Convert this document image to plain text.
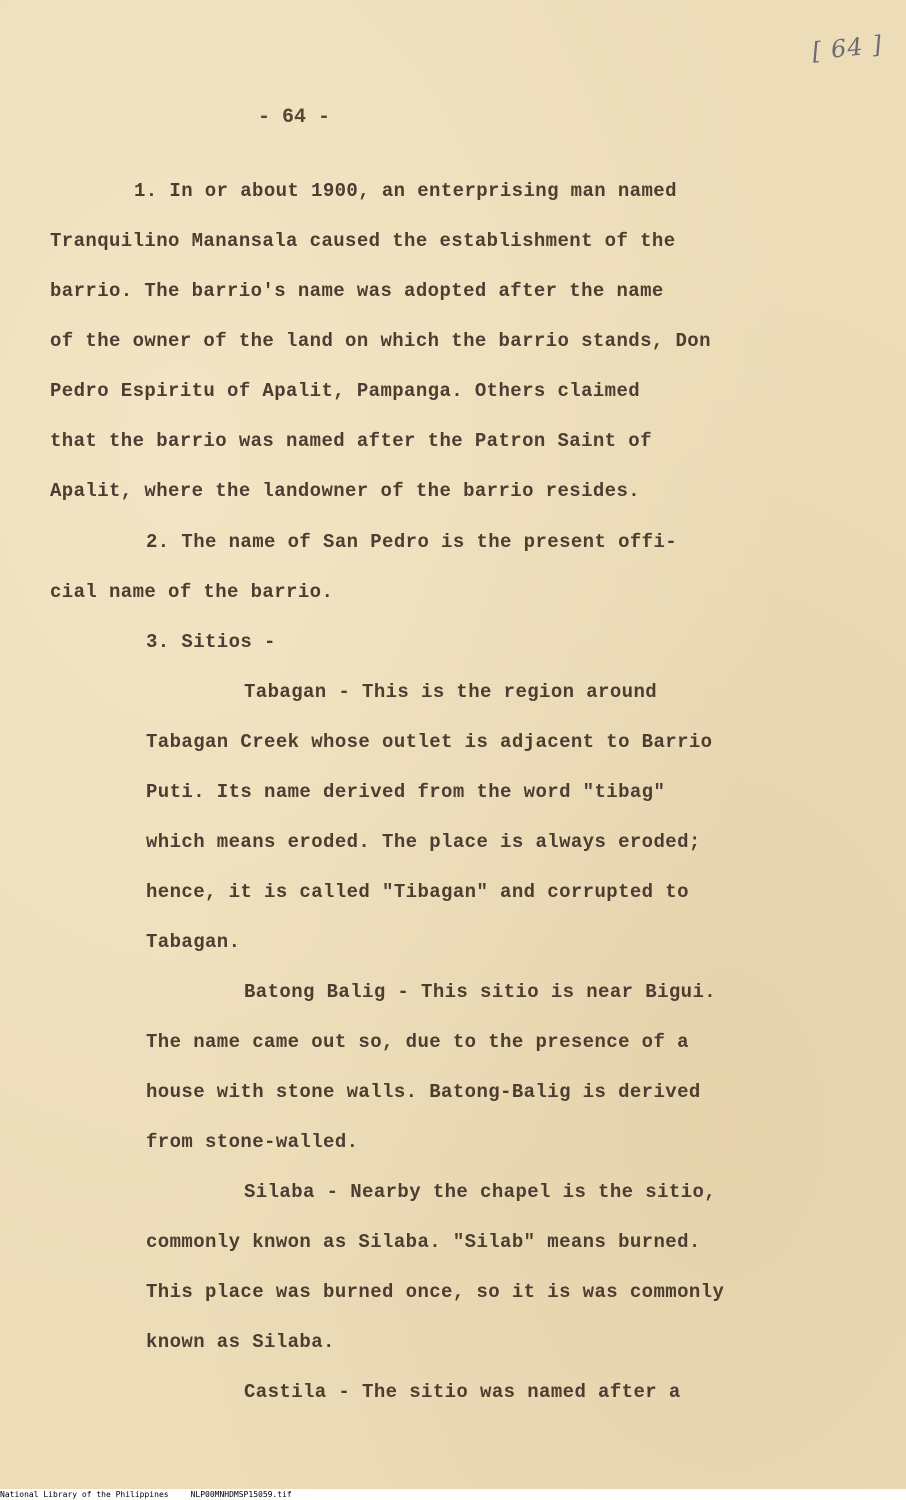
[ 64 ]
- 64 -
1. In or about 1900, an enterprising man named
Tranquilino Manansala caused the establishment of the
barrio. The barrio's name was adopted after the name
of the owner of the land on which the barrio stands, Don
Pedro Espiritu of Apalit, Pampanga. Others claimed
that the barrio was named after the Patron Saint of
Apalit, where the landowner of the barrio resides.
2. The name of San Pedro is the present offi-
cial name of the barrio.
3. Sitios -
Tabagan - This is the region around
Tabagan Creek whose outlet is adjacent to Barrio
Puti. Its name derived from the word "tibag"
which means eroded. The place is always eroded;
hence, it is called "Tibagan" and corrupted to
Tabagan.
Batong Balig - This sitio is near Bigui.
The name came out so, due to the presence of a
house with stone walls. Batong-Balig is derived
from stone-walled.
Silaba - Nearby the chapel is the sitio,
commonly knwon as Silaba. "Silab" means burned.
This place was burned once, so it is was commonly
known as Silaba.
Castila - The sitio was named after a
National Library of the Philippines	NLP00MNHDMSP15059.tif
